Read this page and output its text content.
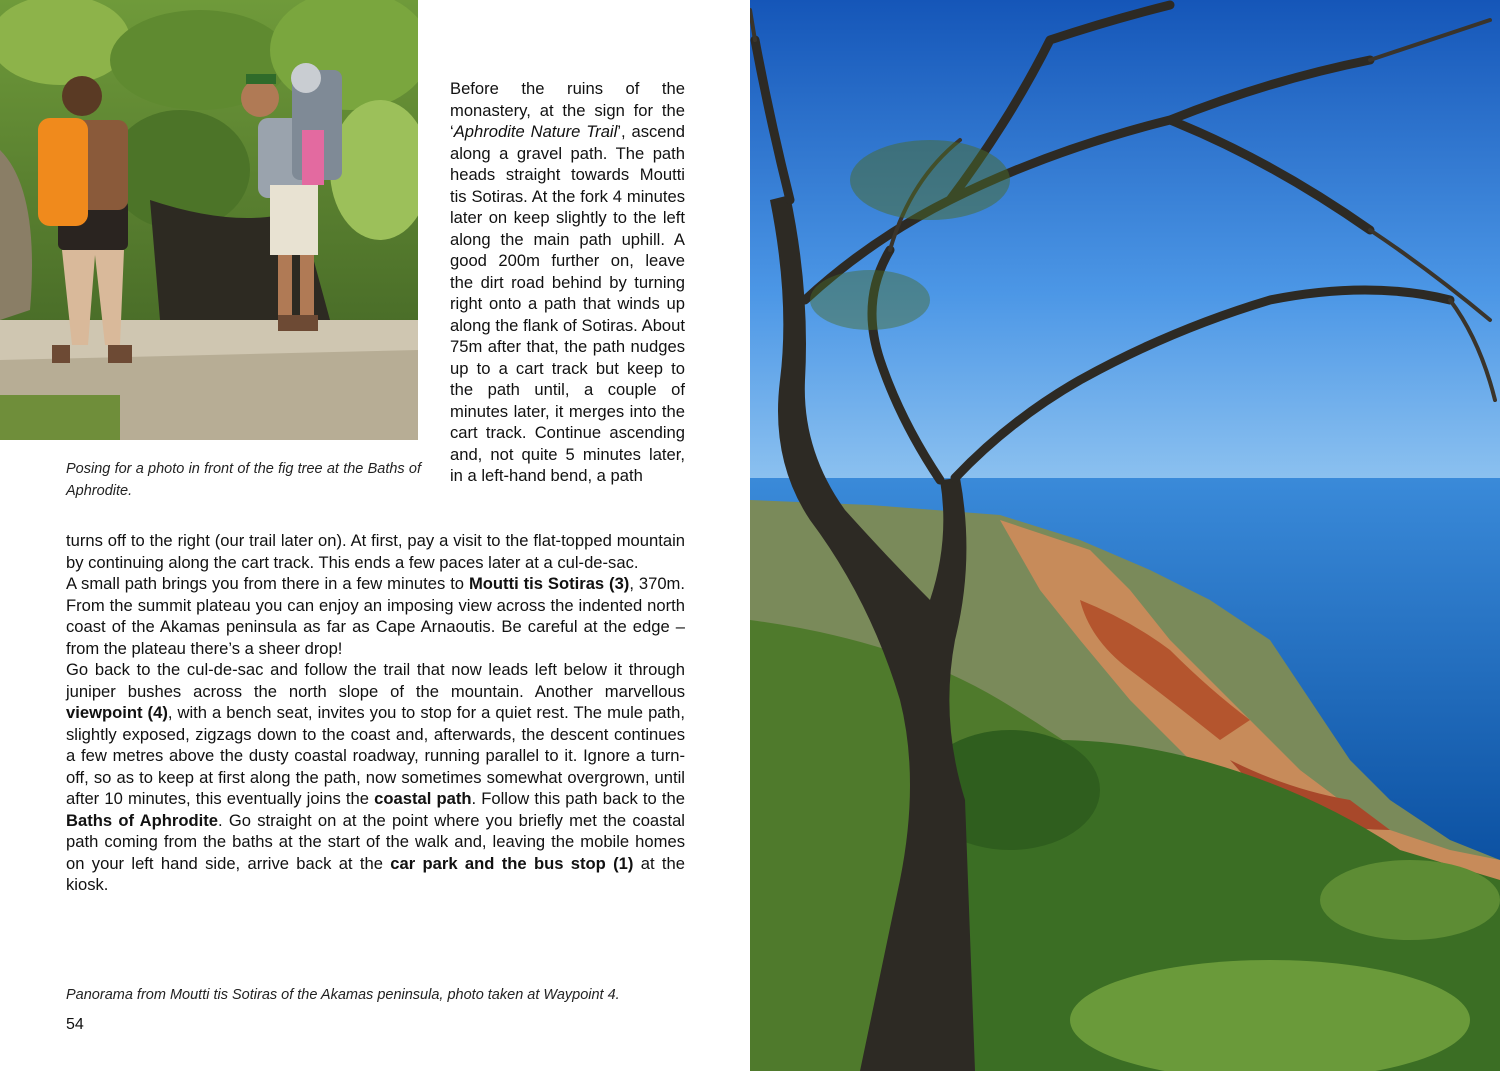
Posing for a photo in front of the fig tree at the Baths of Aphrodite.

Before the ruins of the monastery, at the sign for the ‘Aphrodite Nature Trail’, ascend along a gravel path. The path heads straight towards Moutti tis Sotiras. At the fork 4 minutes later on keep slightly to the left along the main path uphill. A good 200m further on, leave the dirt road behind by turning right onto a path that winds up along the flank of Sotiras. About 75m after that, the path nudges up to a cart track but keep to the path until, a couple of minutes later, it merges into the cart track. Continue ascending and, not quite 5 minutes later, in a left-hand bend, a path

turns off to the right (our trail later on). At first, pay a visit to the flat-topped mountain by continuing along the cart track. This ends a few paces later at a cul-de-sac.

A small path brings you from there in a few minutes to Moutti tis Sotiras (3), 370m. From the summit plateau you can enjoy an imposing view across the indented north coast of the Akamas peninsula as far as Cape Arnaoutis. Be careful at the edge – from the plateau there’s a sheer drop!

Go back to the cul-de-sac and follow the trail that now leads left below it through juniper bushes across the north slope of the mountain. Another marvellous viewpoint (4), with a bench seat, invites you to stop for a quiet rest. The mule path, slightly exposed, zigzags down to the coast and, afterwards, the descent continues a few metres above the dusty coastal roadway, running parallel to it. Ignore a turn-off, so as to keep at first along the path, now sometimes somewhat overgrown, until after 10 minutes, this eventually joins the coastal path. Follow this path back to the Baths of Aphrodite. Go straight on at the point where you briefly met the coastal path coming from the baths at the start of the walk and, leaving the mobile homes on your left hand side, arrive back at the car park and the bus stop (1) at the kiosk.

Panorama from Moutti tis Sotiras of the Akamas peninsula, photo taken at Waypoint 4.
54
